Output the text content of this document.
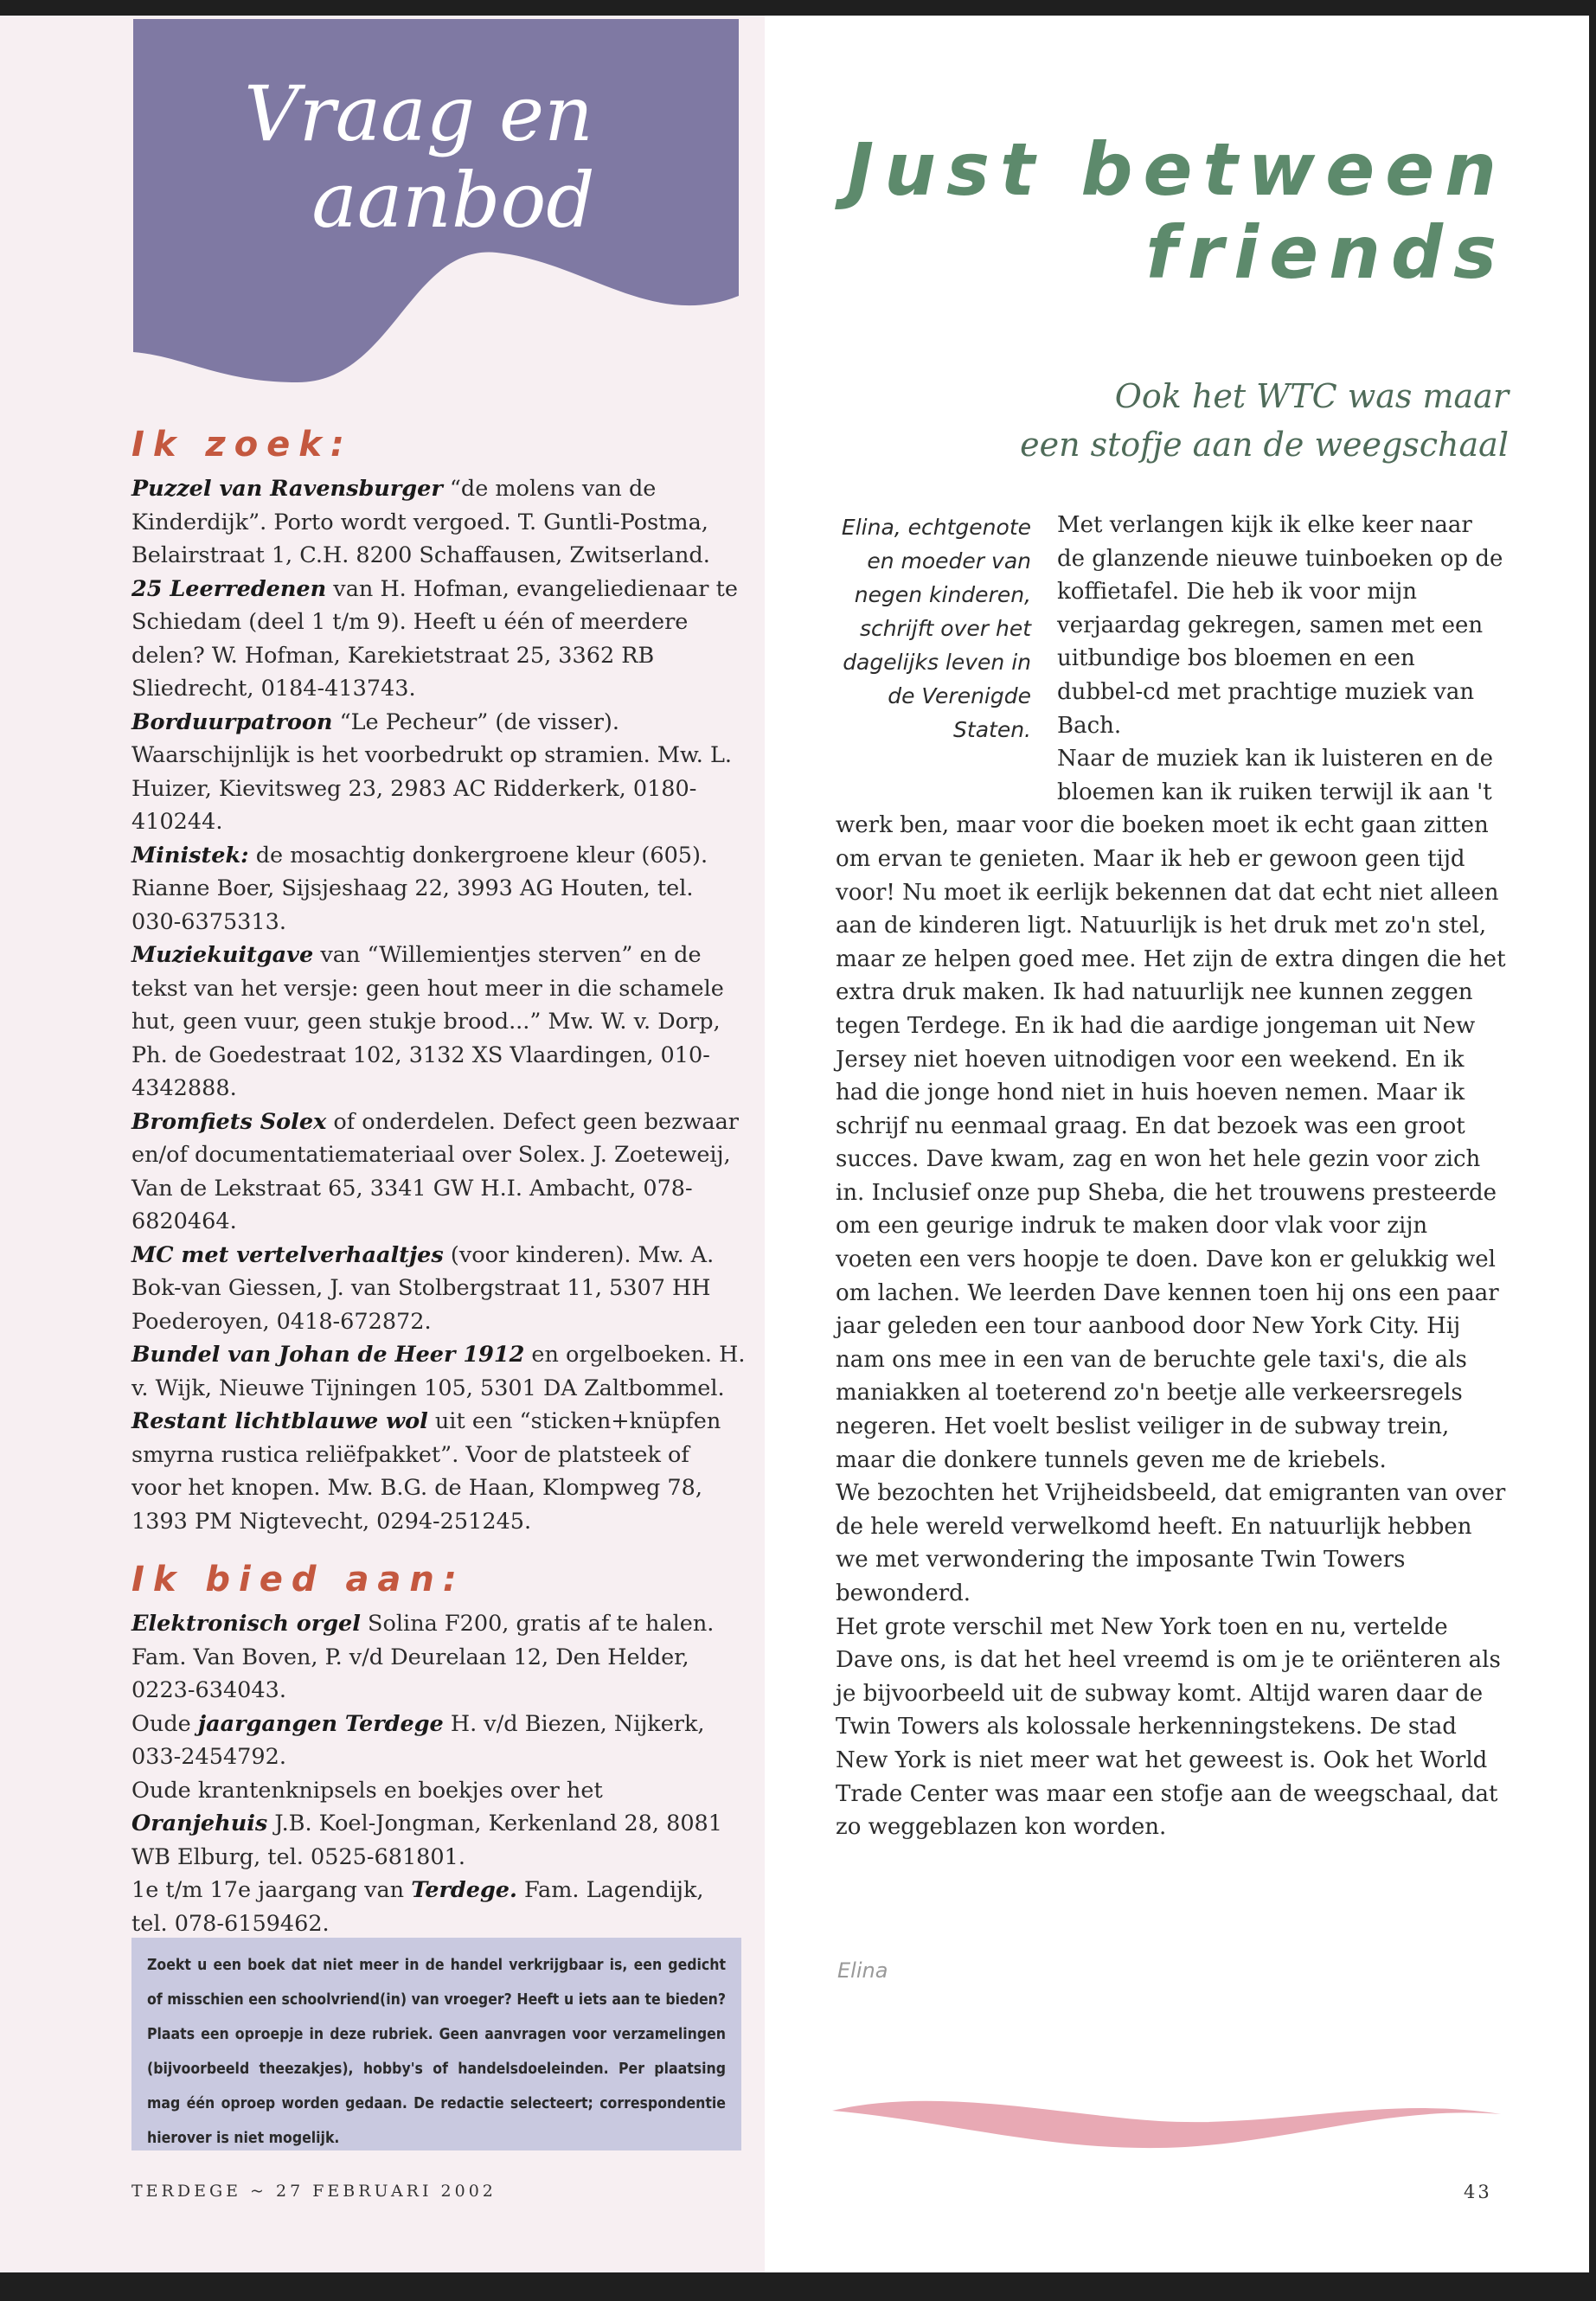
Vraag en
aanbod
Ik zoek:

Puzzel van Ravensburger “de molens van de Kinderdijk”. Porto wordt vergoed. T. Guntli-Postma, Belairstraat 1, C.H. 8200 Schaffausen, Zwitserland.

25 Leerredenen van H. Hofman, evangeliedienaar te Schiedam (deel 1 t/m 9). Heeft u één of meerdere delen? W. Hofman, Karekietstraat 25, 3362 RB Sliedrecht, 0184-413743.

Borduurpatroon “Le Pecheur” (de visser). Waarschijnlijk is het voorbedrukt op stramien. Mw. L. Huizer, Kievitsweg 23, 2983 AC Ridderkerk, 0180-410244.

Ministek: de mosachtig donkergroene kleur (605). Rianne Boer, Sijsjeshaag 22, 3993 AG Houten, tel. 030-6375313.

Muziekuitgave van “Willemientjes sterven” en de tekst van het versje: geen hout meer in die schamele hut, geen vuur, geen stukje brood...” Mw. W. v. Dorp, Ph. de Goedestraat 102, 3132 XS Vlaardingen, 010-4342888.

Bromfiets Solex of onderdelen. Defect geen bezwaar en/of documentatiemateriaal over Solex. J. Zoeteweij, Van de Lekstraat 65, 3341 GW H.I. Ambacht, 078-6820464.

MC met vertelverhaaltjes (voor kinderen). Mw. A. Bok-van Giessen, J. van Stolbergstraat 11, 5307 HH Poederoyen, 0418-672872.

Bundel van Johan de Heer 1912 en orgelboeken. H. v. Wijk, Nieuwe Tijningen 105, 5301 DA Zaltbommel.

Restant lichtblauwe wol uit een “sticken+knüpfen smyrna rustica reliëfpakket”. Voor de platsteek of voor het knopen. Mw. B.G. de Haan, Klompweg 78, 1393 PM Nigtevecht, 0294-251245.

Ik bied aan:

Elektronisch orgel Solina F200, gratis af te halen. Fam. Van Boven, P. v/d Deurelaan 12, Den Helder, 0223-634043.

Oude jaargangen Terdege H. v/d Biezen, Nijkerk, 033-2454792.

Oude krantenknipsels en boekjes over het Oranjehuis J.B. Koel-Jongman, Kerkenland 28, 8081 WB Elburg, tel. 0525-681801.

1e t/m 17e jaargang van Terdege. Fam. Lagendijk, tel. 078-6159462.

Zoekt u een boek dat niet meer in de handel verkrijgbaar is, een gedicht of misschien een schoolvriend(in) van vroeger? Heeft u iets aan te bieden? Plaats een oproepje in deze rubriek. Geen aanvragen voor verzamelingen (bijvoorbeeld theezakjes), hobby's of handelsdoeleinden. Per plaatsing mag één oproep worden gedaan. De redactie selecteert; correspondentie hierover is niet mogelijk.
TERDEGE ~ 27 FEBRUARI 2002	43
Just between
friends
Ook het WTC was maar
een stofje aan de weegschaal
Elina, echtgenote en moeder van negen kinderen, schrijft over het dagelijks leven in de Verenigde Staten.

Met verlangen kijk ik elke keer naar de glanzende nieuwe tuinboeken op de koffietafel. Die heb ik voor mijn verjaardag gekregen, samen met een uitbundige bos bloemen en een dubbel-cd met prachtige muziek van Bach.

Naar de muziek kan ik luisteren en de bloemen kan ik ruiken terwijl ik aan 't werk ben, maar voor die boeken moet ik echt gaan zitten om ervan te genieten. Maar ik heb er gewoon geen tijd voor! Nu moet ik eerlijk bekennen dat dat echt niet alleen aan de kinderen ligt. Natuurlijk is het druk met zo'n stel, maar ze helpen goed mee. Het zijn de extra dingen die het extra druk maken. Ik had natuurlijk nee kunnen zeggen tegen Terdege. En ik had die aardige jongeman uit New Jersey niet hoeven uitnodigen voor een weekend. En ik had die jonge hond niet in huis hoeven nemen. Maar ik schrijf nu eenmaal graag. En dat bezoek was een groot succes. Dave kwam, zag en won het hele gezin voor zich in. Inclusief onze pup Sheba, die het trouwens presteerde om een geurige indruk te maken door vlak voor zijn voeten een vers hoopje te doen. Dave kon er gelukkig wel om lachen. We leerden Dave kennen toen hij ons een paar jaar geleden een tour aanbood door New York City. Hij nam ons mee in een van de beruchte gele taxi's, die als maniakken al toeterend zo'n beetje alle verkeersregels negeren. Het voelt beslist veiliger in de subway trein, maar die donkere tunnels geven me de kriebels.

We bezochten het Vrijheidsbeeld, dat emigranten van over de hele wereld verwelkomd heeft. En natuurlijk hebben we met verwondering the imposante Twin Towers bewonderd.

Het grote verschil met New York toen en nu, vertelde Dave ons, is dat het heel vreemd is om je te oriënteren als je bijvoorbeeld uit de subway komt. Altijd waren daar de Twin Towers als kolossale herkenningstekens. De stad New York is niet meer wat het geweest is. Ook het World Trade Center was maar een stofje aan de weegschaal, dat zo weggeblazen kon worden.

Elina
